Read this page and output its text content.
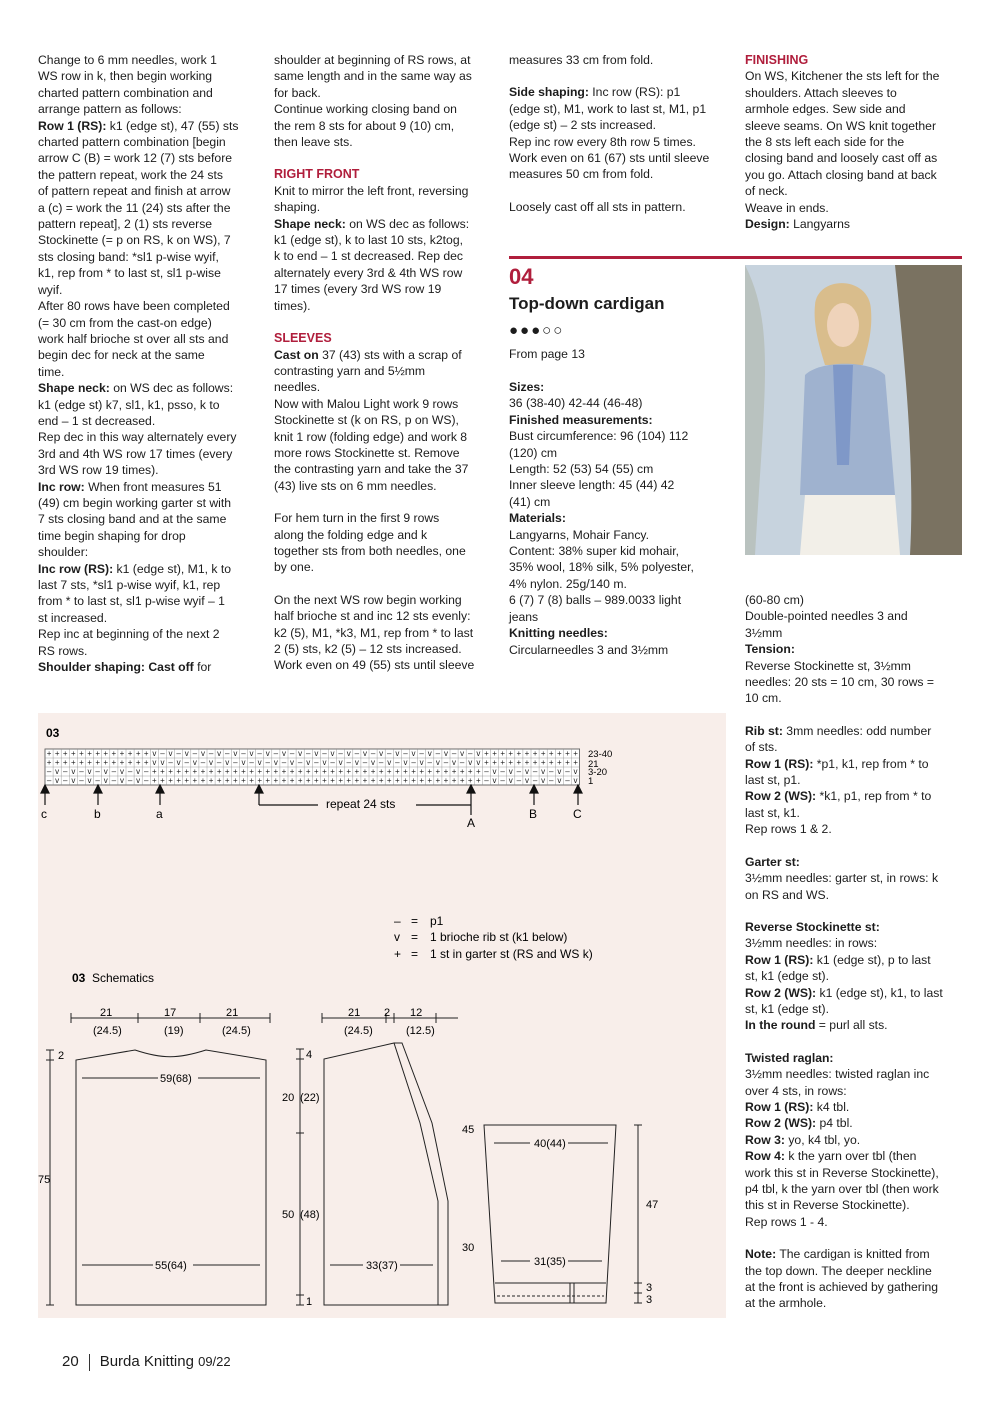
Change to 6 mm needles, work 1

WS row in k, then begin working

charted pattern combination and

arrange pattern as follows:

Row 1 (RS): k1 (edge st), 47 (55) sts

charted pattern combination [begin

arrow C (B) = work 12 (7) sts before

the pattern repeat, work the 24 sts

of pattern repeat and finish at arrow

a (c) = work the 11 (24) sts after the

pattern repeat], 2 (1) sts reverse

Stockinette (= p on RS, k on WS), 7

sts closing band: *sl1 p-wise wyif,

k1, rep from * to last st, sl1 p-wise

wyif.

After 80 rows have been completed

(= 30 cm from the cast-on edge)

work half brioche st over all sts and

begin dec for neck at the same

time.

Shape neck: on WS dec as follows:

k1 (edge st) k7, sl1, k1, psso, k to

end – 1 st decreased.

Rep dec in this way alternately every

3rd and 4th WS row 17 times (every

3rd WS row 19 times).

Inc row: When front measures 51

(49) cm begin working garter st with

7 sts closing band and at the same

time begin shaping for drop

shoulder:

Inc row (RS): k1 (edge st), M1, k to

last 7 sts, *sl1 p-wise wyif, k1, rep

from * to last st, sl1 p-wise wyif – 1

st increased.

Rep inc at beginning of the next 2

RS rows.

Shoulder shaping: Cast off for

shoulder at beginning of RS rows, at

same length and in the same way as

for back.

Continue working closing band on

the rem 8 sts for about 9 (10) cm,

then leave sts.

RIGHT FRONT

Knit to mirror the left front, reversing

shaping.

Shape neck: on WS dec as follows:

k1 (edge st), k to last 10 sts, k2tog,

k to end – 1 st decreased. Rep dec

alternately every 3rd & 4th WS row

17 times (every 3rd WS row 19

times).

SLEEVES

Cast on 37 (43) sts with a scrap of

contrasting yarn and 5½mm

needles.

Now with Malou Light work 9 rows

Stockinette st (k on RS, p on WS),

knit 1 row (folding edge) and work 8

more rows Stockinette st. Remove

the contrasting yarn and take the 37

(43) live sts on 6 mm needles.

For hem turn in the first 9 rows

along the folding edge and k

together sts from both needles, one

by one.

On the next WS row begin working

half brioche st and inc 12 sts evenly:

k2 (5), M1, *k3, M1, rep from * to last

2 (5) sts, k2 (5) – 12 sts increased.

Work even on 49 (55) sts until sleeve

measures 33 cm from fold.

Side shaping: Inc row (RS): p1

(edge st), M1, work to last st, M1, p1

(edge st) – 2 sts increased.

Rep inc row every 8th row 5 times.

Work even on 61 (67) sts until sleeve

measures 50 cm from fold.

Loosely cast off all sts in pattern.

FINISHING

On WS, Kitchener the sts left for the

shoulders. Attach sleeves to

armhole edges. Sew side and

sleeve seams. On WS knit together

the 8 sts left each side for the

closing band and loosely cast off as

you go. Attach closing band at back

of neck.

Weave in ends.

Design: Langyarns

04
Top-down cardigan
●●●○○
From page 13

Sizes:

36 (38-40) 42-44 (46-48)

Finished measurements:

Bust circumference: 96 (104) 112

(120) cm

Length: 52 (53) 54 (55) cm

Inner sleeve length: 45 (44) 42

(41) cm

Materials:

Langyarns, Mohair Fancy.

Content: 38% super kid mohair,

35% wool, 18% silk, 5% polyester,

4% nylon. 25g/140 m.

6 (7) 7 (8) balls – 989.0033 light

jeans

Knitting needles:

Circularneedles 3 and 3½mm

(60-80 cm)

Double-pointed needles 3 and

3½mm

Tension:

Reverse Stockinette st, 3½mm

needles: 20 sts = 10 cm, 30 rows =

10 cm.

Rib st: 3mm needles: odd number

of sts.

Row 1 (RS): *p1, k1, rep from * to

last st, p1.

Row 2 (WS): *k1, p1, rep from * to

last st, k1.

Rep rows 1 & 2.

Garter st:

3½mm needles: garter st, in rows: k

on RS and WS.

Reverse Stockinette st:

3½mm needles: in rows:

Row 1 (RS): k1 (edge st), p to last

st, k1 (edge st).

Row 2 (WS): k1 (edge st), k1, to last

st, k1 (edge st).

In the round = purl all sts.

Twisted raglan:

3½mm needles: twisted raglan inc

over 4 sts, in rows:

Row 1 (RS): k4 tbl.

Row 2 (WS): p4 tbl.

Row 3: yo, k4 tbl, yo.

Row 4: k the yarn over tbl (then

work this st in Reverse Stockinette),

p4 tbl, k the yarn over tbl (then work

this st in Reverse Stockinette).

Rep rows 1 - 4.

Note: The cardigan is knitted from

the top down. The deeper neckline

at the front is achieved by gathering

at the armhole.

03
+ + + + + + + + + + + + + v – v – v – v – v – v – v – v – v – v – v – v – v – v – v – v – v – v – v – v – v + + + + + + + + + + + +
+ + + + + + + + + + + + + v v – v – v – v – v – v – v – v – v – v – v – v – v – v – v – v – v – v – v – v v + + + + + + + + + + + +
– v – v – v – v – v – v – + + + + + + + + + + + + + + + + + + + + + + + + + + + + + + + + + + + + + + + + + – v – v – v – v – v – v
– v – v – v – v – v – v – + + + + + + + + + + + + + + + + + + + + + + + + + + + + + + + + + + + + + + + + + – v – v – v – v – v – v
23-40
21
3-20
1
c	b	a
repeat 24 sts
A
B	C
– = p1
v = 1 brioche rib st (k1 below)
+ = 1 st in garter st (RS and WS k)
03 Schematics
21	17	21
(24.5)	(19)	(24.5)
59(68)
55(64)
75
2
21 2 12
(24.5)	(12.5)
4
20 (22)
50 (48)
1
33(37)
40(44)
31(35)
45
30
47
3
3
20 Burda Knitting 09/22
